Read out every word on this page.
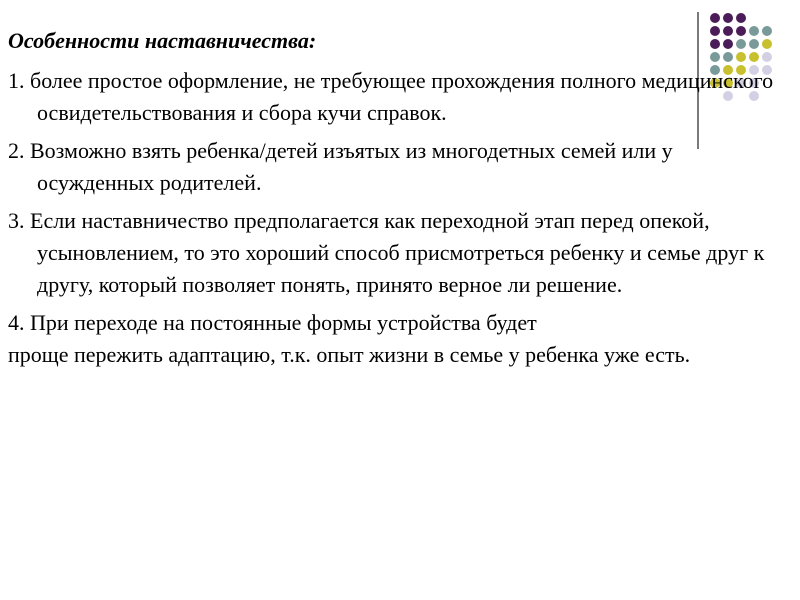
Особенности наставничества:
1. более простое оформление, не требующее прохождения полного медицинского освидетельствования и сбора кучи справок.
2. Возможно взять ребенка/детей изъятых из многодетных семей или у осужденных родителей.
3. Если наставничество предполагается как переходной этап перед опекой, усыновлением, то это хороший способ присмотреться ребенку и семье друг к другу, который позволяет понять, принято верное ли решение.
4. При переходе на постоянные формы устройства будет
проще пережить адаптацию, т.к. опыт жизни в семье у ребенка уже есть.
